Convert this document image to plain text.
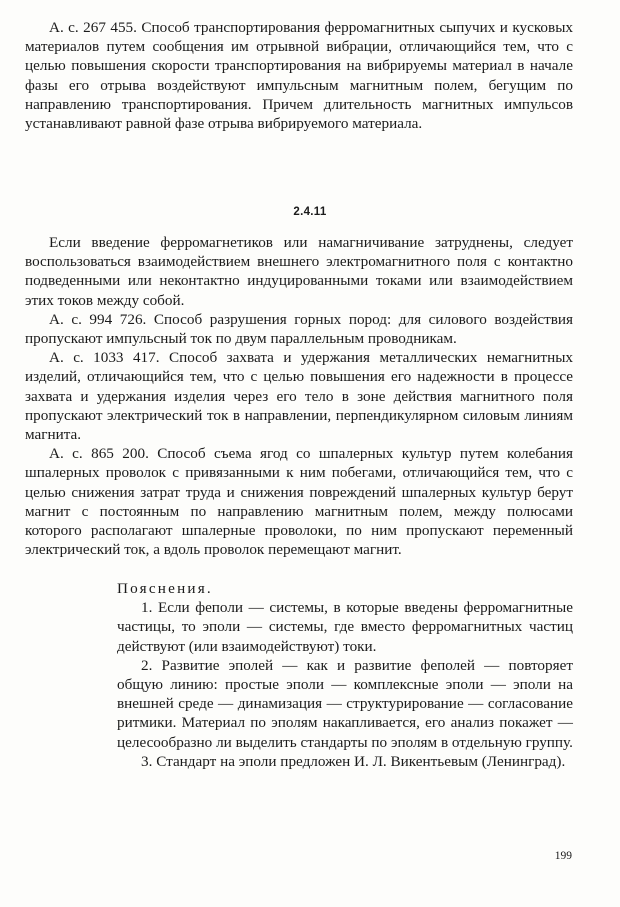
А. с. 267 455. Способ транспортирования ферромагнитных сыпучих и кусковых материалов путем сообщения им отрывной вибрации, отличающийся тем, что с целью повышения скорости транспортирования на вибрируемы материал в начале фазы его отрыва воздействуют импульсным магнитным полем, бегущим по направлению транспортирования. Причем длительность магнитных импульсов устанавливают равной фазе отрыва вибрируемого материала.

2.4.11

Если введение ферромагнетиков или намагничивание затруднены, следует воспользоваться взаимодействием внешнего электромагнитного поля с контактно подведенными или неконтактно индуцированными токами или взаимодействием этих токов между собой.

А. с. 994 726. Способ разрушения горных пород: для силового воздействия пропускают импульсный ток по двум параллельным проводникам.

А. с. 1033 417. Способ захвата и удержания металлических немагнитных изделий, отличающийся тем, что с целью повышения его надежности в процессе захвата и удержания изделия через его тело в зоне действия магнитного поля пропускают электрический ток в направлении, перпендикулярном силовым линиям магнита.

А. с. 865 200. Способ съема ягод со шпалерных культур путем колебания шпалерных проволок с привязанными к ним побегами, отличающийся тем, что с целью снижения затрат труда и снижения повреждений шпалерных культур берут магнит с постоянным по направлению магнитным полем, между полюсами которого располагают шпалерные проволоки, по ним пропускают переменный электрический ток, а вдоль проволок перемещают магнит.

Пояснения.

1. Если феполи — системы, в которые введены ферромагнитные частицы, то эполи — системы, где вместо ферромагнитных частиц действуют (или взаимодействуют) токи.

2. Развитие эполей — как и развитие феполей — повторяет общую линию: простые эполи — комплексные эполи — эполи на внешней среде — динамизация — структурирование — согласование ритмики. Материал по эполям накапливается, его анализ покажет — целесообразно ли выделить стандарты по эполям в отдельную группу.

3. Стандарт на эполи предложен И. Л. Викентьевым (Ленинград).

199
